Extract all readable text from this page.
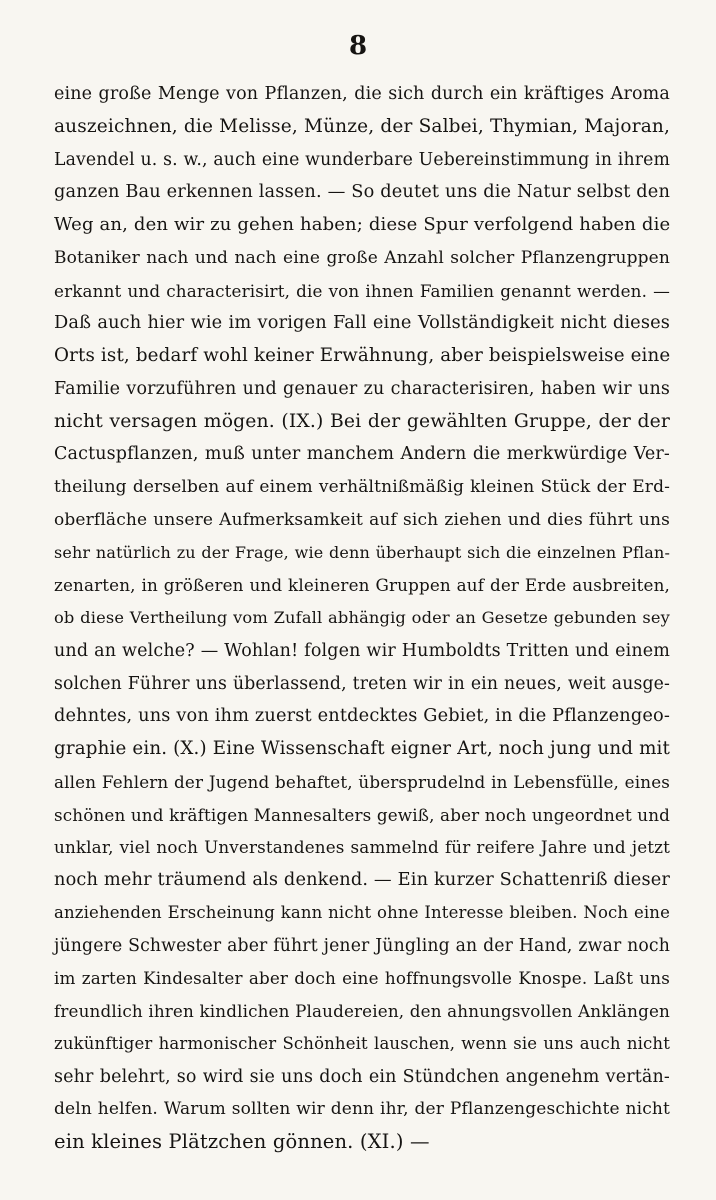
8
eine große Menge von Pflanzen, die sich durch ein kräftiges Aroma
auszeichnen, die Melisse, Münze, der Salbei, Thymian, Majoran,
Lavendel u. s. w., auch eine wunderbare Uebereinstimmung in ihrem
ganzen Bau erkennen lassen. — So deutet uns die Natur selbst den
Weg an, den wir zu gehen haben; diese Spur verfolgend haben die
Botaniker nach und nach eine große Anzahl solcher Pflanzengruppen
erkannt und characterisirt, die von ihnen Familien genannt werden. —
Daß auch hier wie im vorigen Fall eine Vollständigkeit nicht dieses
Orts ist, bedarf wohl keiner Erwähnung, aber beispielsweise eine
Familie vorzuführen und genauer zu characterisiren, haben wir uns
nicht versagen mögen. (IX.) Bei der gewählten Gruppe, der der
Cactuspflanzen, muß unter manchem Andern die merkwürdige Ver-
theilung derselben auf einem verhältnißmäßig kleinen Stück der Erd-
oberfläche unsere Aufmerksamkeit auf sich ziehen und dies führt uns
sehr natürlich zu der Frage, wie denn überhaupt sich die einzelnen Pflan-
zenarten, in größeren und kleineren Gruppen auf der Erde ausbreiten,
ob diese Vertheilung vom Zufall abhängig oder an Gesetze gebunden sey
und an welche? — Wohlan! folgen wir Humboldts Tritten und einem
solchen Führer uns überlassend, treten wir in ein neues, weit ausge-
dehntes, uns von ihm zuerst entdecktes Gebiet, in die Pflanzengeo-
graphie ein. (X.) Eine Wissenschaft eigner Art, noch jung und mit
allen Fehlern der Jugend behaftet, übersprudelnd in Lebensfülle, eines
schönen und kräftigen Mannesalters gewiß, aber noch ungeordnet und
unklar, viel noch Unverstandenes sammelnd für reifere Jahre und jetzt
noch mehr träumend als denkend. — Ein kurzer Schattenriß dieser
anziehenden Erscheinung kann nicht ohne Interesse bleiben. Noch eine
jüngere Schwester aber führt jener Jüngling an der Hand, zwar noch
im zarten Kindesalter aber doch eine hoffnungsvolle Knospe. Laßt uns
freundlich ihren kindlichen Plaudereien, den ahnungsvollen Anklängen
zukünftiger harmonischer Schönheit lauschen, wenn sie uns auch nicht
sehr belehrt, so wird sie uns doch ein Stündchen angenehm vertän-
deln helfen. Warum sollten wir denn ihr, der Pflanzengeschichte nicht
ein kleines Plätzchen gönnen. (XI.) —
